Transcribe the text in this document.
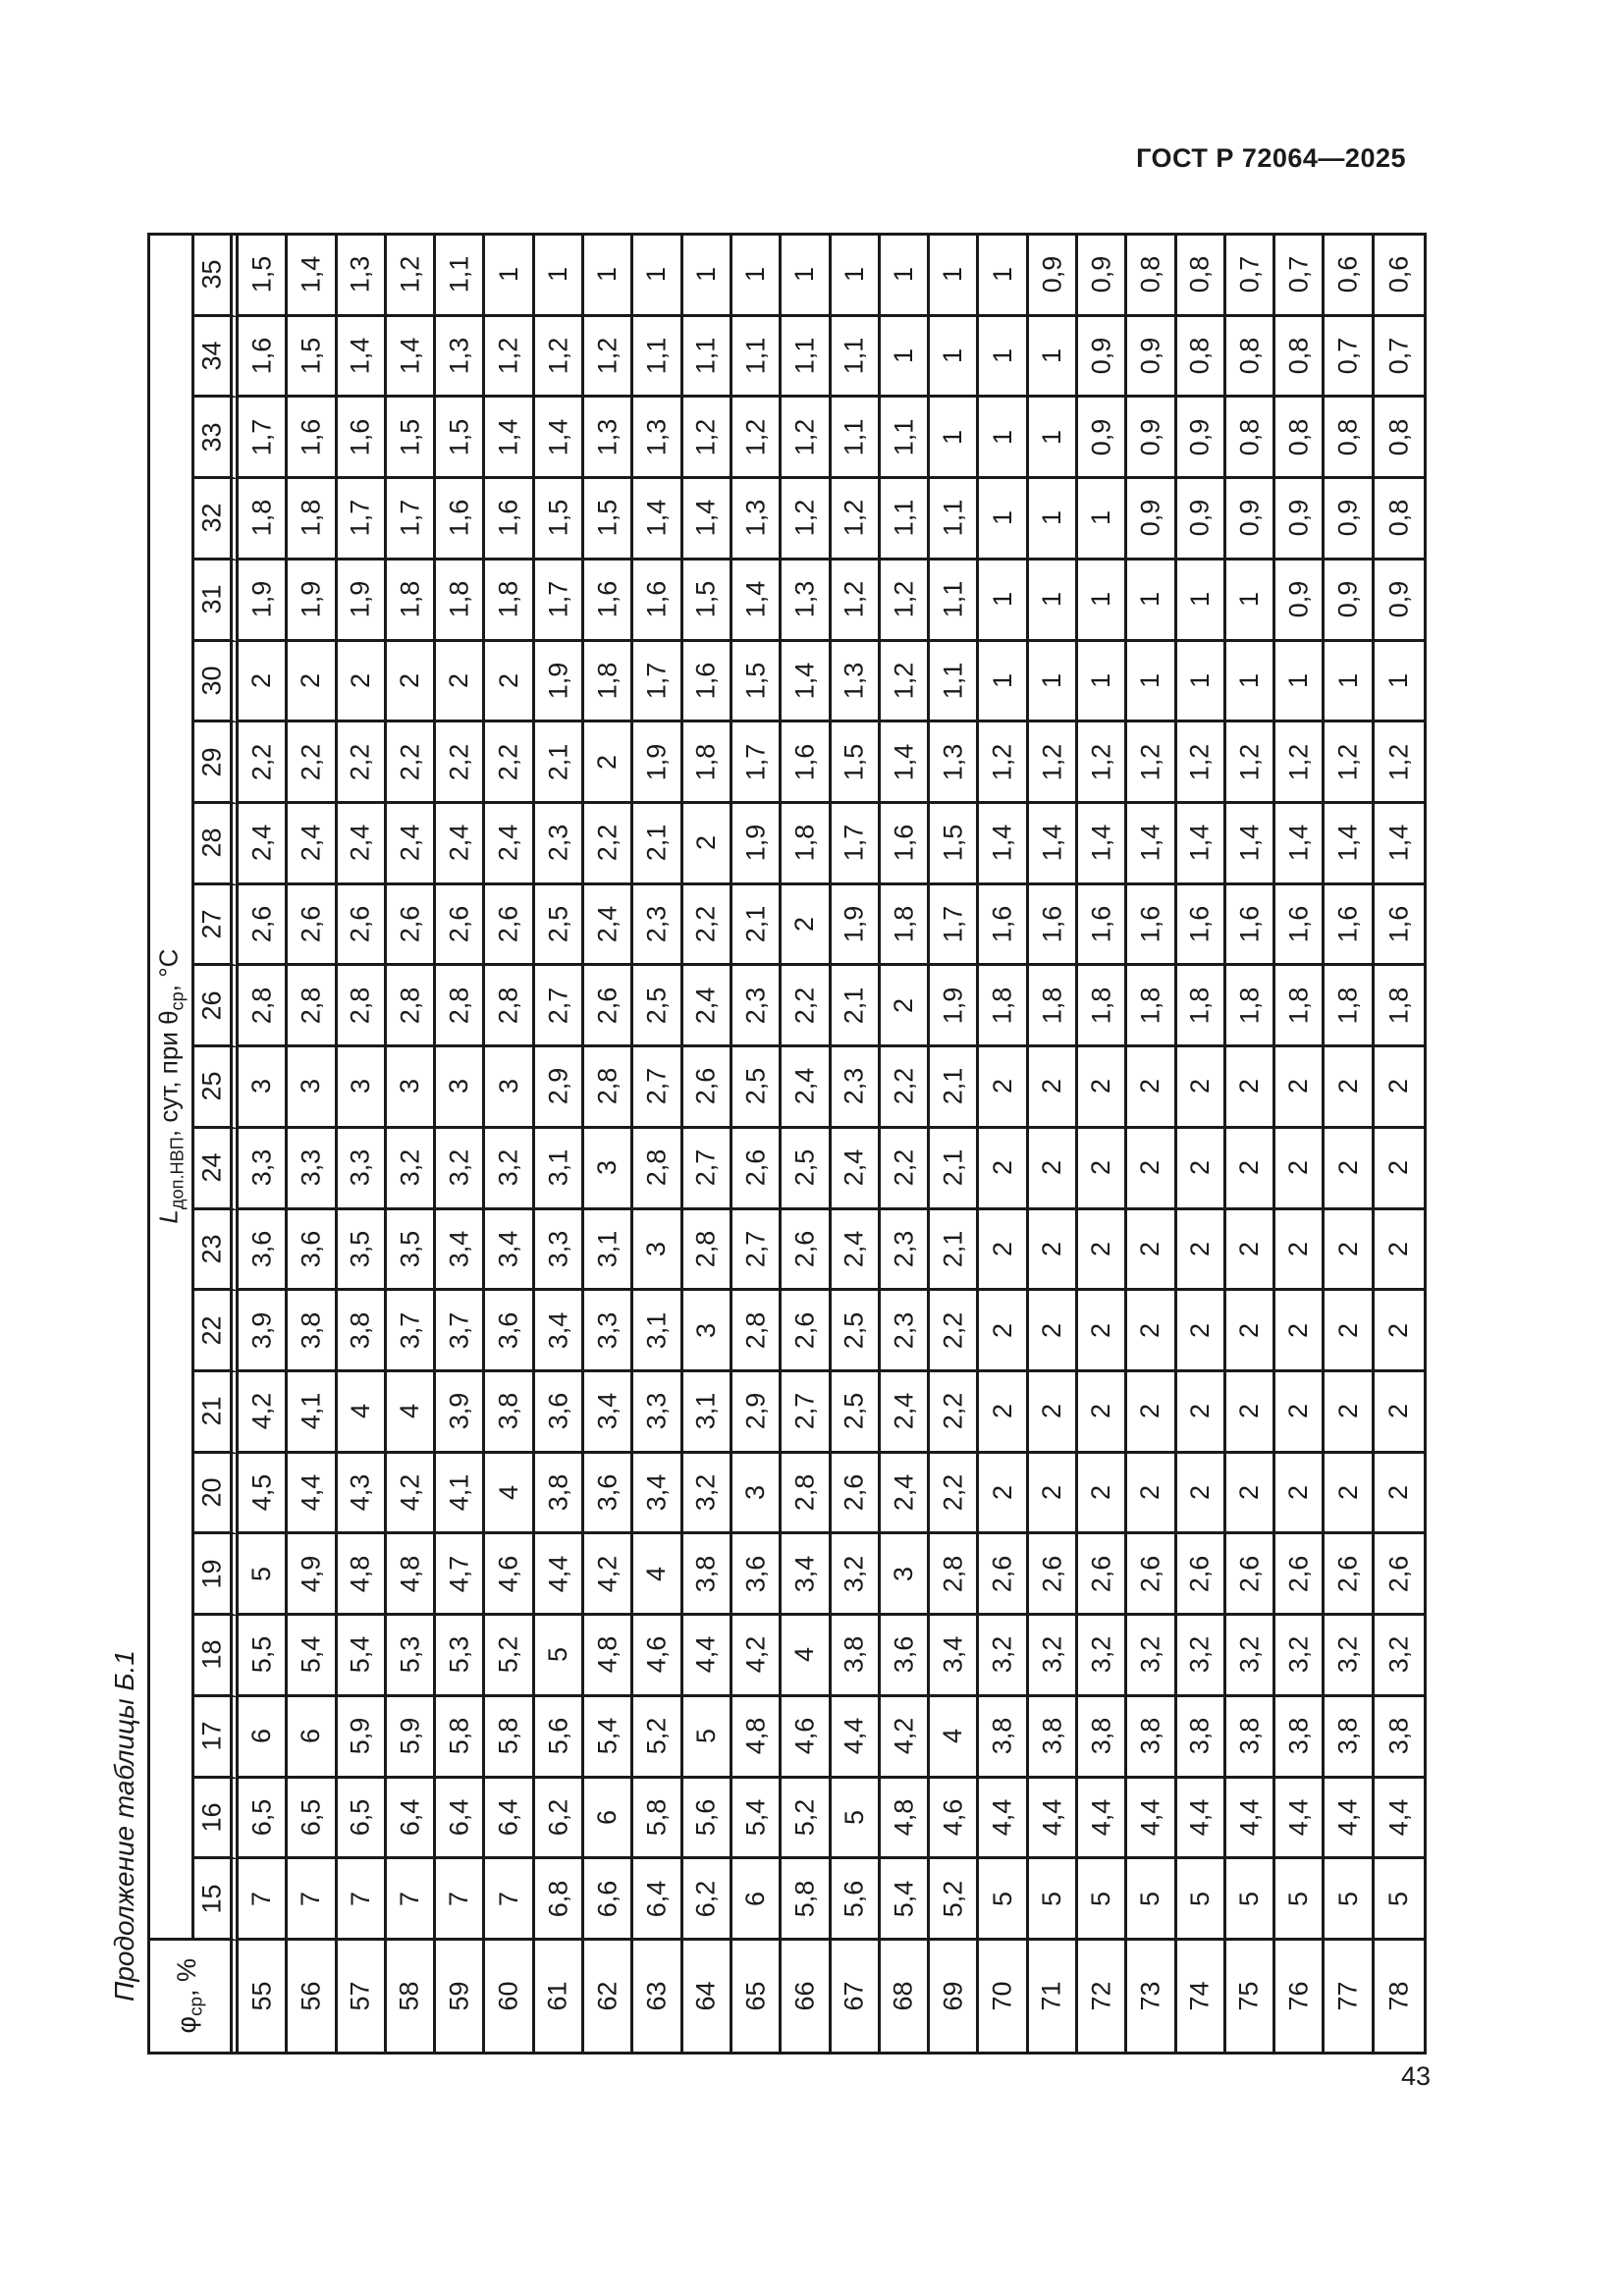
ГОСТ Р 72064—2025
Продолжение таблицы Б.1
$L_{доп.НВП}$, сут, при $\theta_{ср}$, °С
$\varphi_{ср}$, %
35 1,5 1,4 1,3 1,2 1,1 1 1 1 1 1 1 1 1 1 1 1 0,9 0,9 0,8 0,8 0,7 0,7 0,6 0,6
34 1,6 1,5 1,4 1,4 1,3 1,2 1,2 1,2 1,1 1,1 1,1 1,1 1,1 1 1 1 1 0,9 0,9 0,8 0,8 0,8 0,7 0,7
33 1,7 1,6 1,6 1,5 1,5 1,4 1,4 1,3 1,3 1,2 1,2 1,2 1,1 1,1 1 1 1 0,9 0,9 0,9 0,8 0,8 0,8 0,8
32 1,8 1,8 1,7 1,7 1,6 1,6 1,5 1,5 1,4 1,4 1,3 1,2 1,2 1,1 1,1 1 1 1 0,9 0,9 0,9 0,9 0,9 0,8
31 1,9 1,9 1,9 1,8 1,8 1,8 1,7 1,6 1,6 1,5 1,4 1,3 1,2 1,2 1,1 1 1 1 1 1 1 0,9 0,9 0,9
30 2 2 2 2 2 2 1,9 1,8 1,7 1,6 1,5 1,4 1,3 1,2 1,1 1 1 1 1 1 1 1 1 1
29 2,2 2,2 2,2 2,2 2,2 2,2 2,1 2 1,9 1,8 1,7 1,6 1,5 1,4 1,3 1,2 1,2 1,2 1,2 1,2 1,2 1,2 1,2 1,2
28 2,4 2,4 2,4 2,4 2,4 2,4 2,3 2,2 2,1 2 1,9 1,8 1,7 1,6 1,5 1,4 1,4 1,4 1,4 1,4 1,4 1,4 1,4 1,4
27 2,6 2,6 2,6 2,6 2,6 2,6 2,5 2,4 2,3 2,2 2,1 2 1,9 1,8 1,7 1,6 1,6 1,6 1,6 1,6 1,6 1,6 1,6 1,6
26 2,8 2,8 2,8 2,8 2,8 2,8 2,7 2,6 2,5 2,4 2,3 2,2 2,1 2 1,9 1,8 1,8 1,8 1,8 1,8 1,8 1,8 1,8 1,8
25 3 3 3 3 3 3 2,9 2,8 2,7 2,6 2,5 2,4 2,3 2,2 2,1 2 2 2 2 2 2 2 2 2
24 3,3 3,3 3,3 3,2 3,2 3,2 3,1 3 2,8 2,7 2,6 2,5 2,4 2,2 2,1 2 2 2 2 2 2 2 2 2
23 3,6 3,6 3,5 3,5 3,4 3,4 3,3 3,1 3 2,8 2,7 2,6 2,4 2,3 2,1 2 2 2 2 2 2 2 2 2
22 3,9 3,8 3,8 3,7 3,7 3,6 3,4 3,3 3,1 3 2,8 2,6 2,5 2,3 2,2 2 2 2 2 2 2 2 2 2
21 4,2 4,1 4 4 3,9 3,8 3,6 3,4 3,3 3,1 2,9 2,7 2,5 2,4 2,2 2 2 2 2 2 2 2 2 2
20 4,5 4,4 4,3 4,2 4,1 4 3,8 3,6 3,4 3,2 3 2,8 2,6 2,4 2,2 2 2 2 2 2 2 2 2 2
19 5 4,9 4,8 4,8 4,7 4,6 4,4 4,2 4 3,8 3,6 3,4 3,2 3 2,8 2,6 2,6 2,6 2,6 2,6 2,6 2,6 2,6 2,6
18 5,5 5,4 5,4 5,3 5,3 5,2 5 4,8 4,6 4,4 4,2 4 3,8 3,6 3,4 3,2 3,2 3,2 3,2 3,2 3,2 3,2 3,2 3,2
17 6 6 5,9 5,9 5,8 5,8 5,6 5,4 5,2 5 4,8 4,6 4,4 4,2 4 3,8 3,8 3,8 3,8 3,8 3,8 3,8 3,8 3,8
16 6,5 6,5 6,5 6,4 6,4 6,4 6,2 6 5,8 5,6 5,4 5,2 5 4,8 4,6 4,4 4,4 4,4 4,4 4,4 4,4 4,4 4,4 4,4
15 7 7 7 7 7 7 6,8 6,6 6,4 6,2 6 5,8 5,6 5,4 5,2 5 5 5 5 5 5 5 5 5
55 56 57 58 59 60 61 62 63 64 65 66 67 68 69 70 71 72 73 74 75 76 77 78
43
